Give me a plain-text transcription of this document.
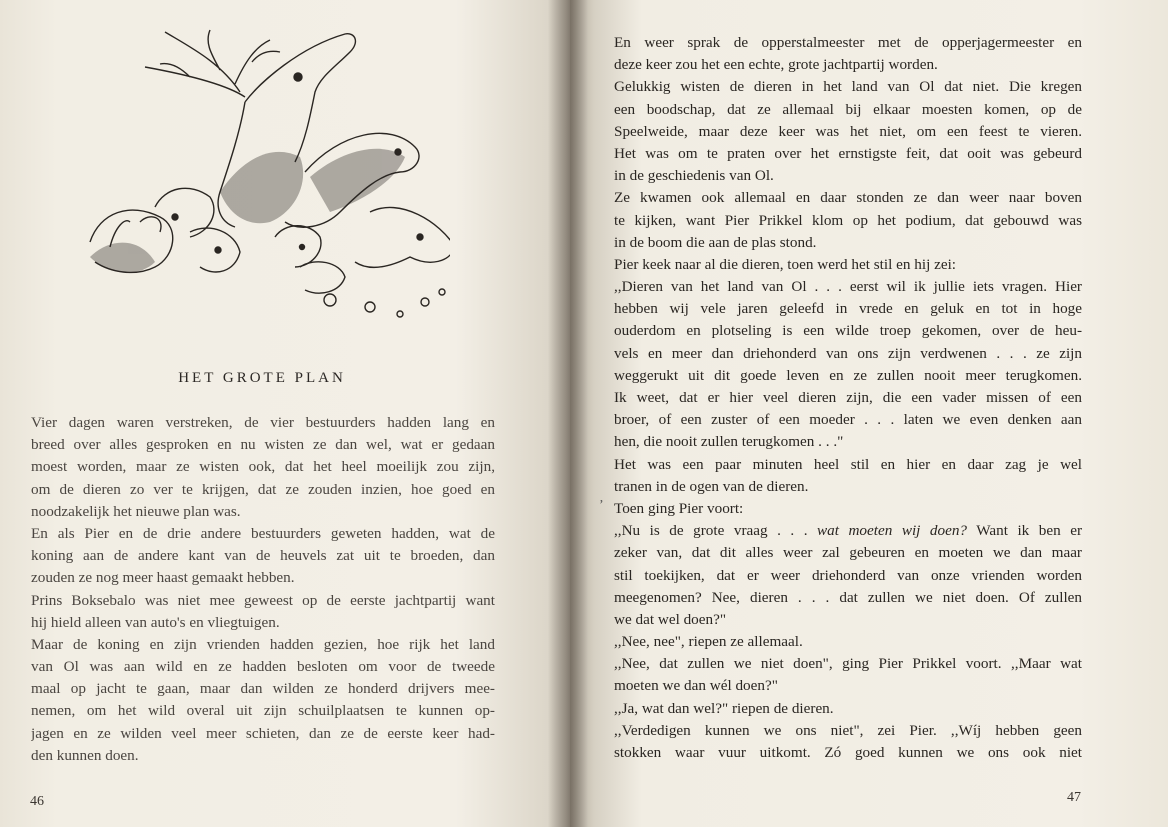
HET GROTE PLAN
Vier dagen waren verstreken, de vier bestuurders hadden lang en
breed over alles gesproken en nu wisten ze dan wel, wat er gedaan
moest worden, maar ze wisten ook, dat het heel moeilijk zou zijn,
om de dieren zo ver te krijgen, dat ze zouden inzien, hoe goed en
noodzakelijk het nieuwe plan was.
En als Pier en de drie andere bestuurders geweten hadden, wat de
koning aan de andere kant van de heuvels zat uit te broeden, dan
zouden ze nog meer haast gemaakt hebben.
Prins Boksebalo was niet mee geweest op de eerste jachtpartij want
hij hield alleen van auto's en vliegtuigen.
Maar de koning en zijn vrienden hadden gezien, hoe rijk het land
van Ol was aan wild en ze hadden besloten om voor de tweede
maal op jacht te gaan, maar dan wilden ze honderd drijvers mee-
nemen, om het wild overal uit zijn schuilplaatsen te kunnen op-
jagen en ze wilden veel meer schieten, dan ze de eerste keer had-
den kunnen doen.
46
En weer sprak de opperstalmeester met de opperjagermeester en
deze keer zou het een echte, grote jachtpartij worden.
Gelukkig wisten de dieren in het land van Ol dat niet. Die kregen
een boodschap, dat ze allemaal bij elkaar moesten komen, op de
Speelweide, maar deze keer was het niet, om een feest te vieren.
Het was om te praten over het ernstigste feit, dat ooit was gebeurd
in de geschiedenis van Ol.
Ze kwamen ook allemaal en daar stonden ze dan weer naar boven
te kijken, want Pier Prikkel klom op het podium, dat gebouwd was
in de boom die aan de plas stond.
Pier keek naar al die dieren, toen werd het stil en hij zei:
,,Dieren van het land van Ol . . . eerst wil ik jullie iets vragen. Hier
hebben wij vele jaren geleefd in vrede en geluk en tot in hoge
ouderdom en plotseling is een wilde troep gekomen, over de heu-
vels en meer dan driehonderd van ons zijn verdwenen . . . ze zijn
weggerukt uit dit goede leven en ze zullen nooit meer terugkomen.
Ik weet, dat er hier veel dieren zijn, die een vader missen of een
broer, of een zuster of een moeder . . . laten we even denken aan
hen, die nooit zullen terugkomen . . ."
Het was een paar minuten heel stil en hier en daar zag je wel
tranen in de ogen van de dieren.
Toen ging Pier voort:
,,Nu is de grote vraag . . . wat moeten wij doen? Want ik ben er
zeker van, dat dit alles weer zal gebeuren en moeten we dan maar
stil toekijken, dat er weer driehonderd van onze vrienden worden
meegenomen? Nee, dieren . . . dat zullen we niet doen. Of zullen
we dat wel doen?"
,,Nee, nee", riepen ze allemaal.
,,Nee, dat zullen we niet doen", ging Pier Prikkel voort. ,,Maar wat
moeten we dan wél doen?"
,,Ja, wat dan wel?" riepen de dieren.
,,Verdedigen kunnen we ons niet", zei Pier. ,,Wíj hebben geen
stokken waar vuur uitkomt. Zó goed kunnen we ons ook niet
ʼ
47
